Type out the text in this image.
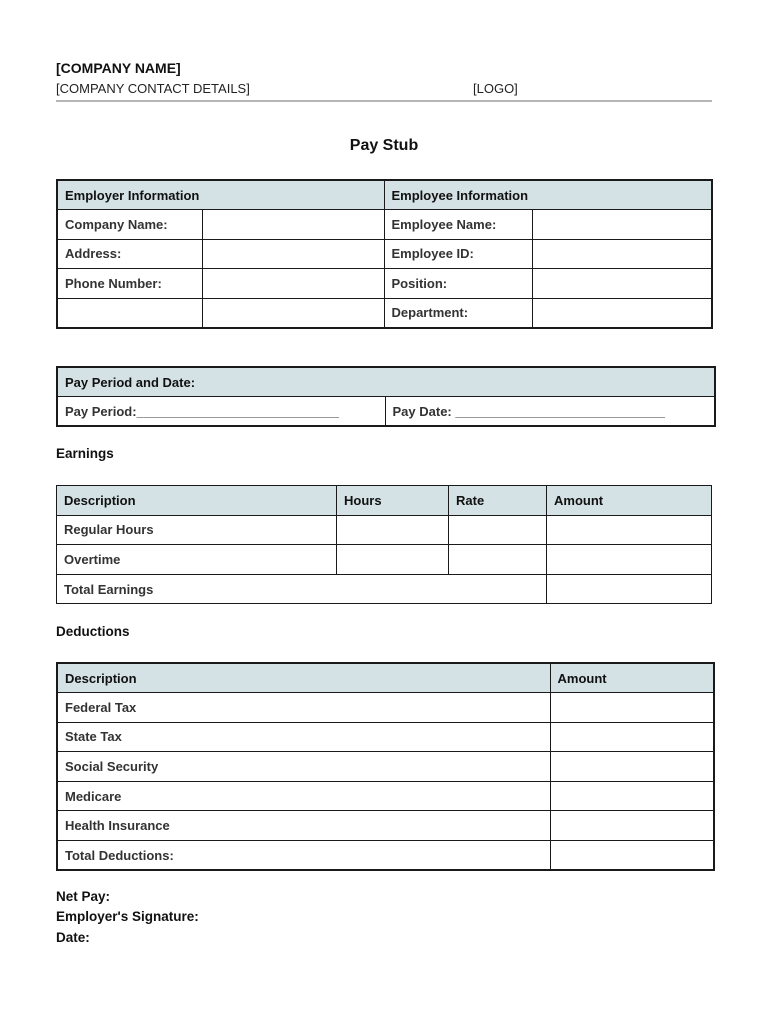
[COMPANY NAME]
[COMPANY CONTACT DETAILS]	[LOGO]
Pay Stub
Employer Information		Employee Information	
Company Name:		Employee Name:	
Address:		Employee ID:	
Phone Number:		Position:	
		Department:	
Pay Period and Date:
Pay Period:____________________________	Pay Date: _____________________________
Earnings
Description	Hours	Rate	Amount
Regular Hours			
Overtime			
Total Earnings			
Deductions
Description	Amount
Federal Tax	
State Tax	
Social Security	
Medicare	
Health Insurance	
Total Deductions:	
Net Pay:
Employer's Signature:
Date:
